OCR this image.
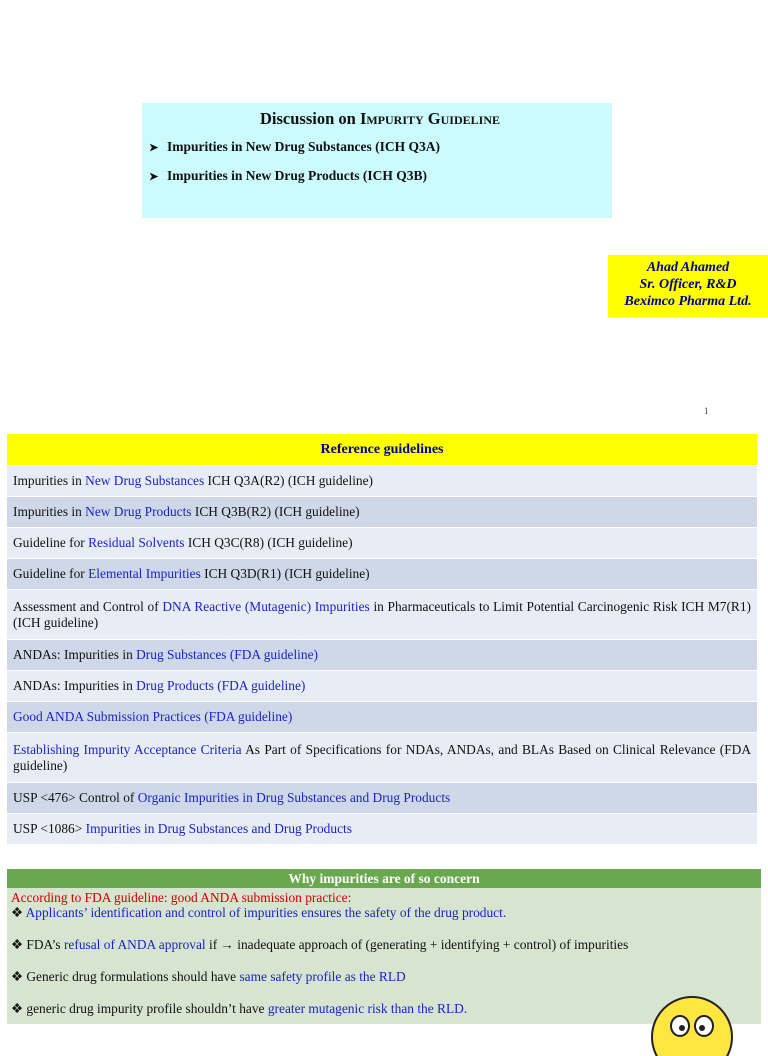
Discussion on Impurity Guideline
➤ Impurities in New Drug Substances (ICH Q3A)
➤ Impurities in New Drug Products (ICH Q3B)
Ahad Ahamed
Sr. Officer, R&D
Beximco Pharma Ltd.
1
Reference guidelines
Impurities in New Drug Substances ICH Q3A(R2) (ICH guideline)
Impurities in New Drug Products ICH Q3B(R2) (ICH guideline)
Guideline for Residual Solvents ICH Q3C(R8) (ICH guideline)
Guideline for Elemental Impurities ICH Q3D(R1) (ICH guideline)
Assessment and Control of DNA Reactive (Mutagenic) Impurities in Pharmaceuticals to Limit Potential Carcinogenic Risk ICH M7(R1) (ICH guideline)
ANDAs: Impurities in Drug Substances (FDA guideline)
ANDAs: Impurities in Drug Products (FDA guideline)
Good ANDA Submission Practices (FDA guideline)
Establishing Impurity Acceptance Criteria As Part of Specifications for NDAs, ANDAs, and BLAs Based on Clinical Relevance (FDA guideline)
USP <476> Control of Organic Impurities in Drug Substances and Drug Products
USP <1086> Impurities in Drug Substances and Drug Products
Why impurities are of so concern

According to FDA guideline: good ANDA submission practice:

❖ Applicants’ identification and control of impurities ensures the safety of the drug product.

❖ FDA’s refusal of ANDA approval if → inadequate approach of (generating + identifying + control) of impurities

❖ Generic drug formulations should have same safety profile as the RLD

❖ generic drug impurity profile shouldn’t have greater mutagenic risk than the RLD.
